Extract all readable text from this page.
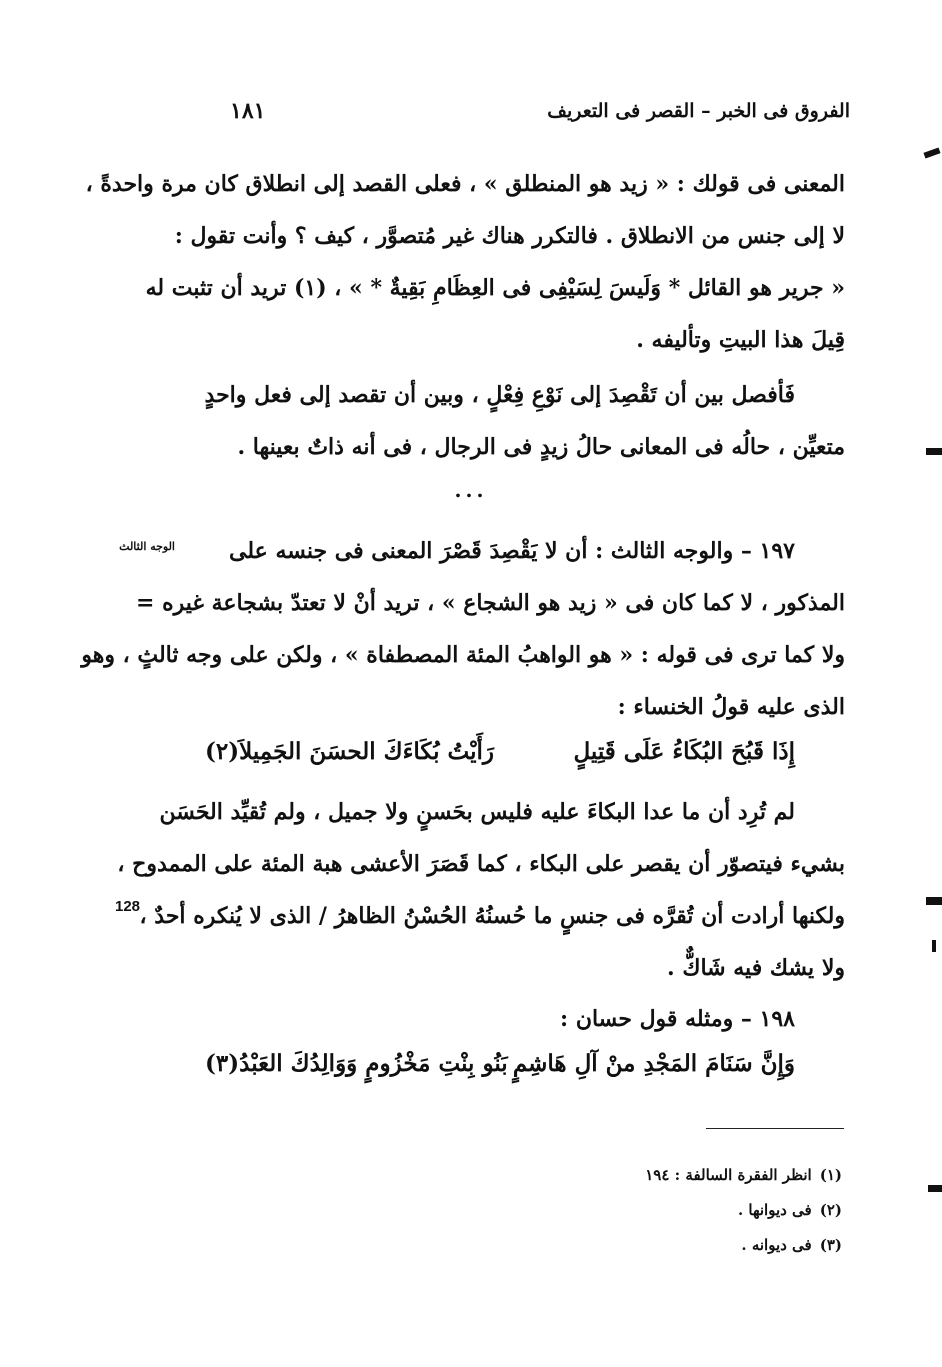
الفروق فى الخبر – القصر فى التعريف
١٨١
المعنى فى قولك : « زيد هو المنطلق » ، فعلى القصد إلى انطلاق كان مرة واحدةً ،
لا إلى جنس من الانطلاق . فالتكرر هناك غير مُتصوَّر ، كيف ؟ وأنت تقول :
« جرير هو القائل * وَلَيسَ لِسَيْفِى فى العِظَامِ بَقِيةٌ * » ، (١) تريد أن تثبت له
قِيلَ هذا البيتِ وتأليفه .
فَأفصل بين أن تَقْصِدَ إلى نَوْعِ فِعْلٍ ، وبين أن تقصد إلى فعل واحدٍ
متعيِّن ، حالُه فى المعانى حالُ زيدٍ فى الرجال ، فى أنه ذاتٌ بعينها .
...
الوجه الثالث	١٩٧ – والوجه الثالث : أن لا يَقْصِدَ قَصْرَ المعنى فى جنسه على
المذكور ، لا كما كان فى « زيد هو الشجاع » ، تريد أنْ لا تعتدّ بشجاعة غيره =
ولا كما ترى فى قوله : « هو الواهبُ المئة المصطفاة » ، ولكن على وجه ثالثٍ ، وهو
الذى عليه قولُ الخنساء :
إِذَا قَبُحَ البُكَاءُ عَلَى قَتِيلٍ
رَأَيْتُ بُكَاءَكَ الحسَنَ الجَمِيلاَ(٢)
لم تُرِد أن ما عدا البكاءَ عليه فليس بحَسنٍ ولا جميل ، ولم تُقيِّد الحَسَن
بشيء فيتصوّر أن يقصر على البكاء ، كما قَصَرَ الأعشى هبة المئة على الممدوح ،
ولكنها أرادت أن تُقرَّه فى جنسٍ ما حُسنُهُ الحُسْنُ الظاهرُ / الذى لا يُنكره أحدٌ ،
ولا يشك فيه شَاكٌّ .
128
١٩٨ – ومثله قول حسان :
وَإِنَّ سَنَامَ المَجْدِ منْ آلِ هَاشِمٍ
بَنُو بِنْتِ مَخْزُومٍ وَوَالِدُكَ العَبْدُ(٣)
(١)انظر الفقرة السالفة : ١٩٤
(٢)فى ديوانها .
(٣)فى ديوانه .
